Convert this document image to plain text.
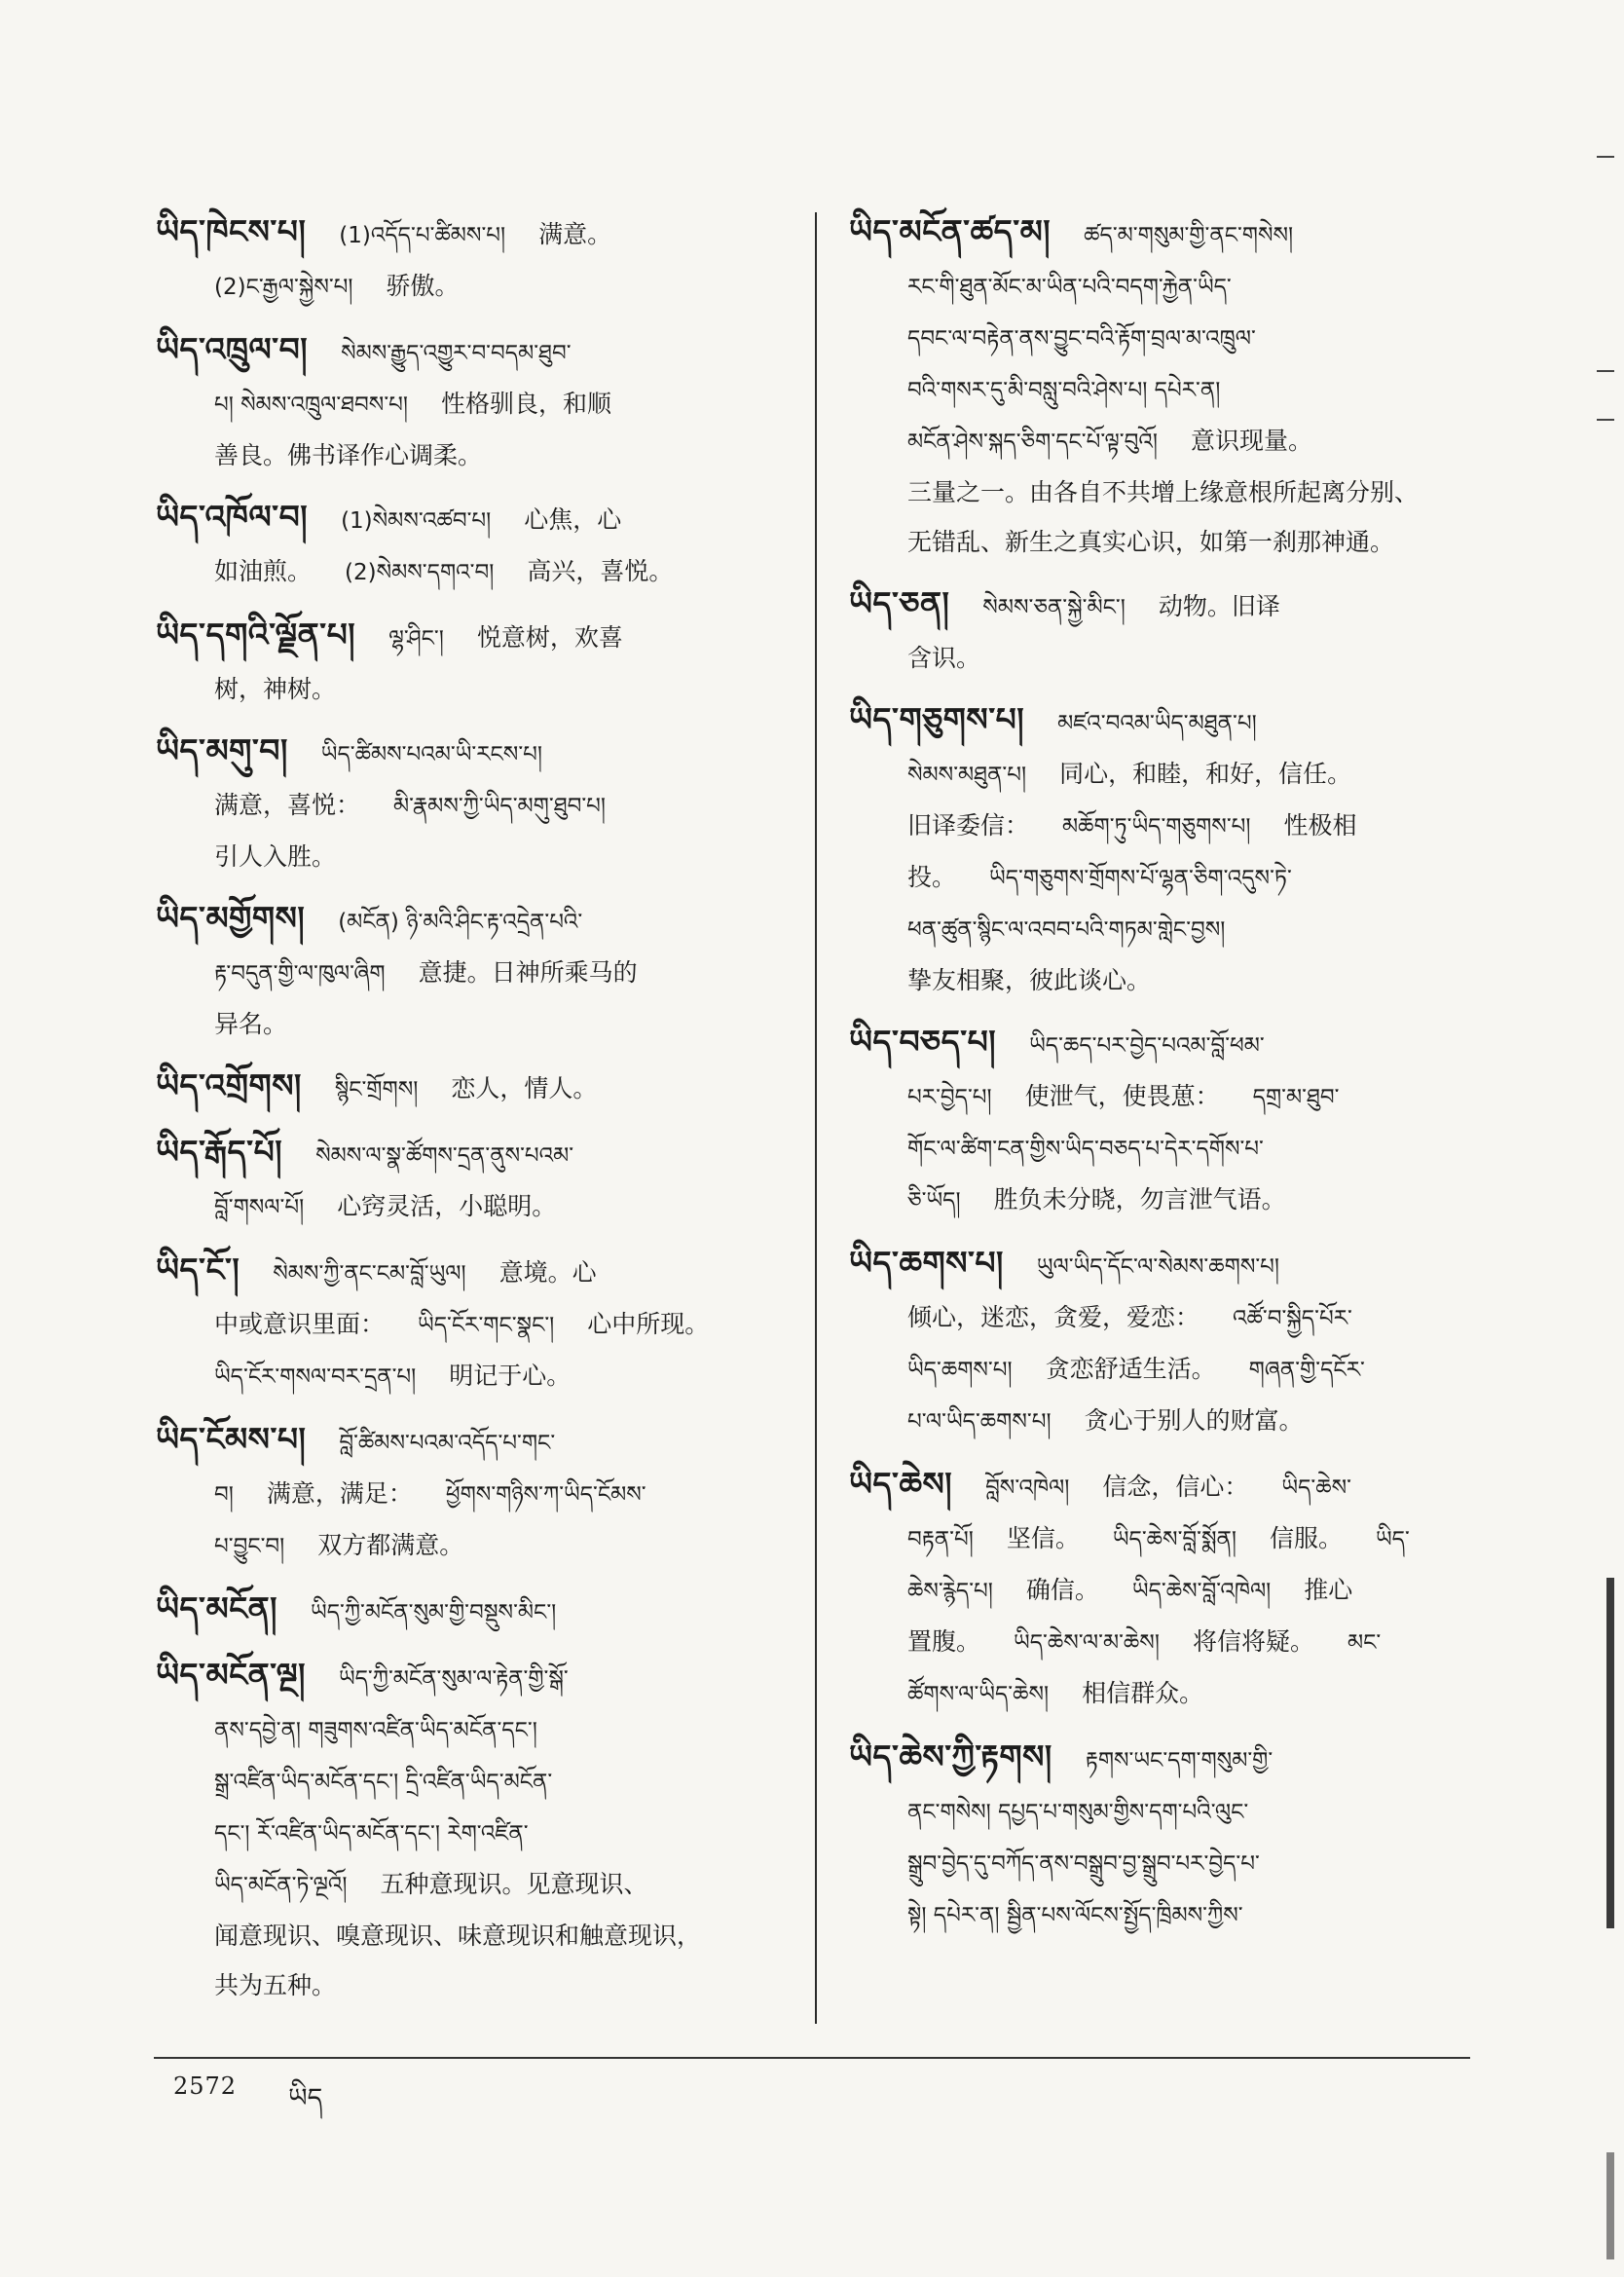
ཡིད་ཁེངས་པ། (1)འདོད་པ་ཚིམས་པ། 满意。
(2)ང་རྒྱལ་སྐྱེས་པ། 骄傲。
ཡིད་འཁྲུལ་བ། སེམས་རྒྱུད་འགྱུར་བ་བདམ་ཐུབ་
པ། སེམས་འཁྲུལ་ཐབས་པ། 性格驯良，和顺
善良。佛书译作心调柔。
ཡིད་འཁོལ་བ། (1)སེམས་འཚབ་པ། 心焦，心
如油煎。 (2)སེམས་དགའ་བ། 高兴，喜悦。
ཡིད་དགའི་ལྗོན་པ། ལྷ་ཤིང་། 悦意树，欢喜
树，神树。
ཡིད་མགུ་བ། ཡིད་ཚིམས་པའམ་ཡི་རངས་པ།
满意，喜悦： མི་རྣམས་ཀྱི་ཡིད་མགུ་ཐུབ་པ།
引人入胜。
ཡིད་མགྱོགས། (མངོན) ཉི་མའི་ཤིང་རྟ་འདྲེན་པའི་
རྟ་བདུན་གྱི་ལ་ཁུལ་ཞིག 意捷。日神所乘马的
异名。
ཡིད་འགྲོགས། སྙིང་གྲོགས། 恋人，情人。
ཡིད་རྒོད་པོ། སེམས་ལ་སྣ་ཚོགས་དྲན་ནུས་པའམ་
བློ་གསལ་པོ། 心窍灵活，小聪明。
ཡིད་ངོ་། སེམས་ཀྱི་ནང་ངམ་བློ་ཡུལ། 意境。心
中或意识里面： ཡིད་ངོར་གང་སྣང་། 心中所现。
ཡིད་ངོར་གསལ་བར་དྲན་པ། 明记于心。
ཡིད་ངོམས་པ། བློ་ཚིམས་པའམ་འདོད་པ་གང་
བ། 满意，满足： ཕྱོགས་གཉིས་ཀ་ཡིད་ངོམས་
པ་བྱུང་བ། 双方都满意。
ཡིད་མངོན། ཡིད་ཀྱི་མངོན་སུམ་གྱི་བསྡུས་མིང་།
ཡིད་མངོན་ལྔ། ཡིད་ཀྱི་མངོན་སུམ་ལ་རྟེན་གྱི་སྒོ་
ནས་དབྱེ་ན། གཟུགས་འཛིན་ཡིད་མངོན་དང་།
སྒྲ་འཛིན་ཡིད་མངོན་དང་། དྲི་འཛིན་ཡིད་མངོན་
དང་། རོ་འཛིན་ཡིད་མངོན་དང་། རེག་འཛིན་
ཡིད་མངོན་ཏེ་ལྔའོ། 五种意现识。见意现识、
闻意现识、嗅意现识、味意现识和触意现识，
共为五种。
ཡིད་མངོན་ཚད་མ། ཚད་མ་གསུམ་གྱི་ནང་གསེས།
རང་གི་ཐུན་མོང་མ་ཡིན་པའི་བདག་རྐྱེན་ཡིད་
དབང་ལ་བརྟེན་ནས་བྱུང་བའི་རྟོག་བྲལ་མ་འཁྲུལ་
བའི་གསར་དུ་མི་བསླུ་བའི་ཤེས་པ། དཔེར་ན།
མངོན་ཤེས་སྐད་ཅིག་དང་པོ་ལྟ་བུའོ། 意识现量。
三量之一。由各自不共增上缘意根所起离分别、
无错乱、新生之真实心识，如第一刹那神通。
ཡིད་ཅན། སེམས་ཅན་སྐྱེ་མིང་། 动物。旧译
含识。
ཡིད་གཅུགས་པ། མཛའ་བའམ་ཡིད་མཐུན་པ།
སེམས་མཐུན་པ། 同心，和睦，和好，信任。
旧译委信： མཆོག་ཏུ་ཡིད་གཅུགས་པ། 性极相
投。 ཡིད་གཅུགས་གྲོགས་པོ་ལྷན་ཅིག་འདུས་ཏེ་
ཕན་ཚུན་སྙིང་ལ་འབབ་པའི་གཏམ་གླེང་བྱས།
挚友相聚，彼此谈心。
ཡིད་བཅད་པ། ཡིད་ཆད་པར་བྱེད་པའམ་བློ་ཕམ་
པར་བྱེད་པ། 使泄气，使畏葸： དགྲ་མ་ཐུབ་
གོང་ལ་ཚིག་ངན་གྱིས་ཡིད་བཅད་པ་དེར་དགོས་པ་
ཅི་ཡོད། 胜负未分晓，勿言泄气语。
ཡིད་ཆགས་པ། ཡུལ་ཡིད་དོང་ལ་སེམས་ཆགས་པ།
倾心，迷恋，贪爱，爱恋： འཚོ་བ་སྐྱིད་པོར་
ཡིད་ཆགས་པ། 贪恋舒适生活。 གཞན་གྱི་དངོར་
པ་ལ་ཡིད་ཆགས་པ། 贪心于别人的财富。
ཡིད་ཆེས། བློས་འཁེལ། 信念，信心： ཡིད་ཆེས་
བརྟན་པོ། 坚信。 ཡིད་ཆེས་བློ་སྨོན། 信服。 ཡིད་
ཆེས་རྙེད་པ། 确信。 ཡིད་ཆེས་བློ་འཁེལ། 推心
置腹。 ཡིད་ཆེས་ལ་མ་ཆེས། 将信将疑。 མང་
ཚོགས་ལ་ཡིད་ཆེས། 相信群众。
ཡིད་ཆེས་ཀྱི་རྟགས། རྟགས་ཡང་དག་གསུམ་གྱི་
ནང་གསེས། དཔྱད་པ་གསུམ་གྱིས་དག་པའི་ལུང་
སྒྲུབ་བྱེད་དུ་བཀོད་ནས་བསྒྲུབ་བྱ་སྒྲུབ་པར་བྱེད་པ་
སྟེ། དཔེར་ན། སྦྱིན་པས་ལོངས་སྤྱོད་ཁྲིམས་ཀྱིས་
2572 ཡིད
